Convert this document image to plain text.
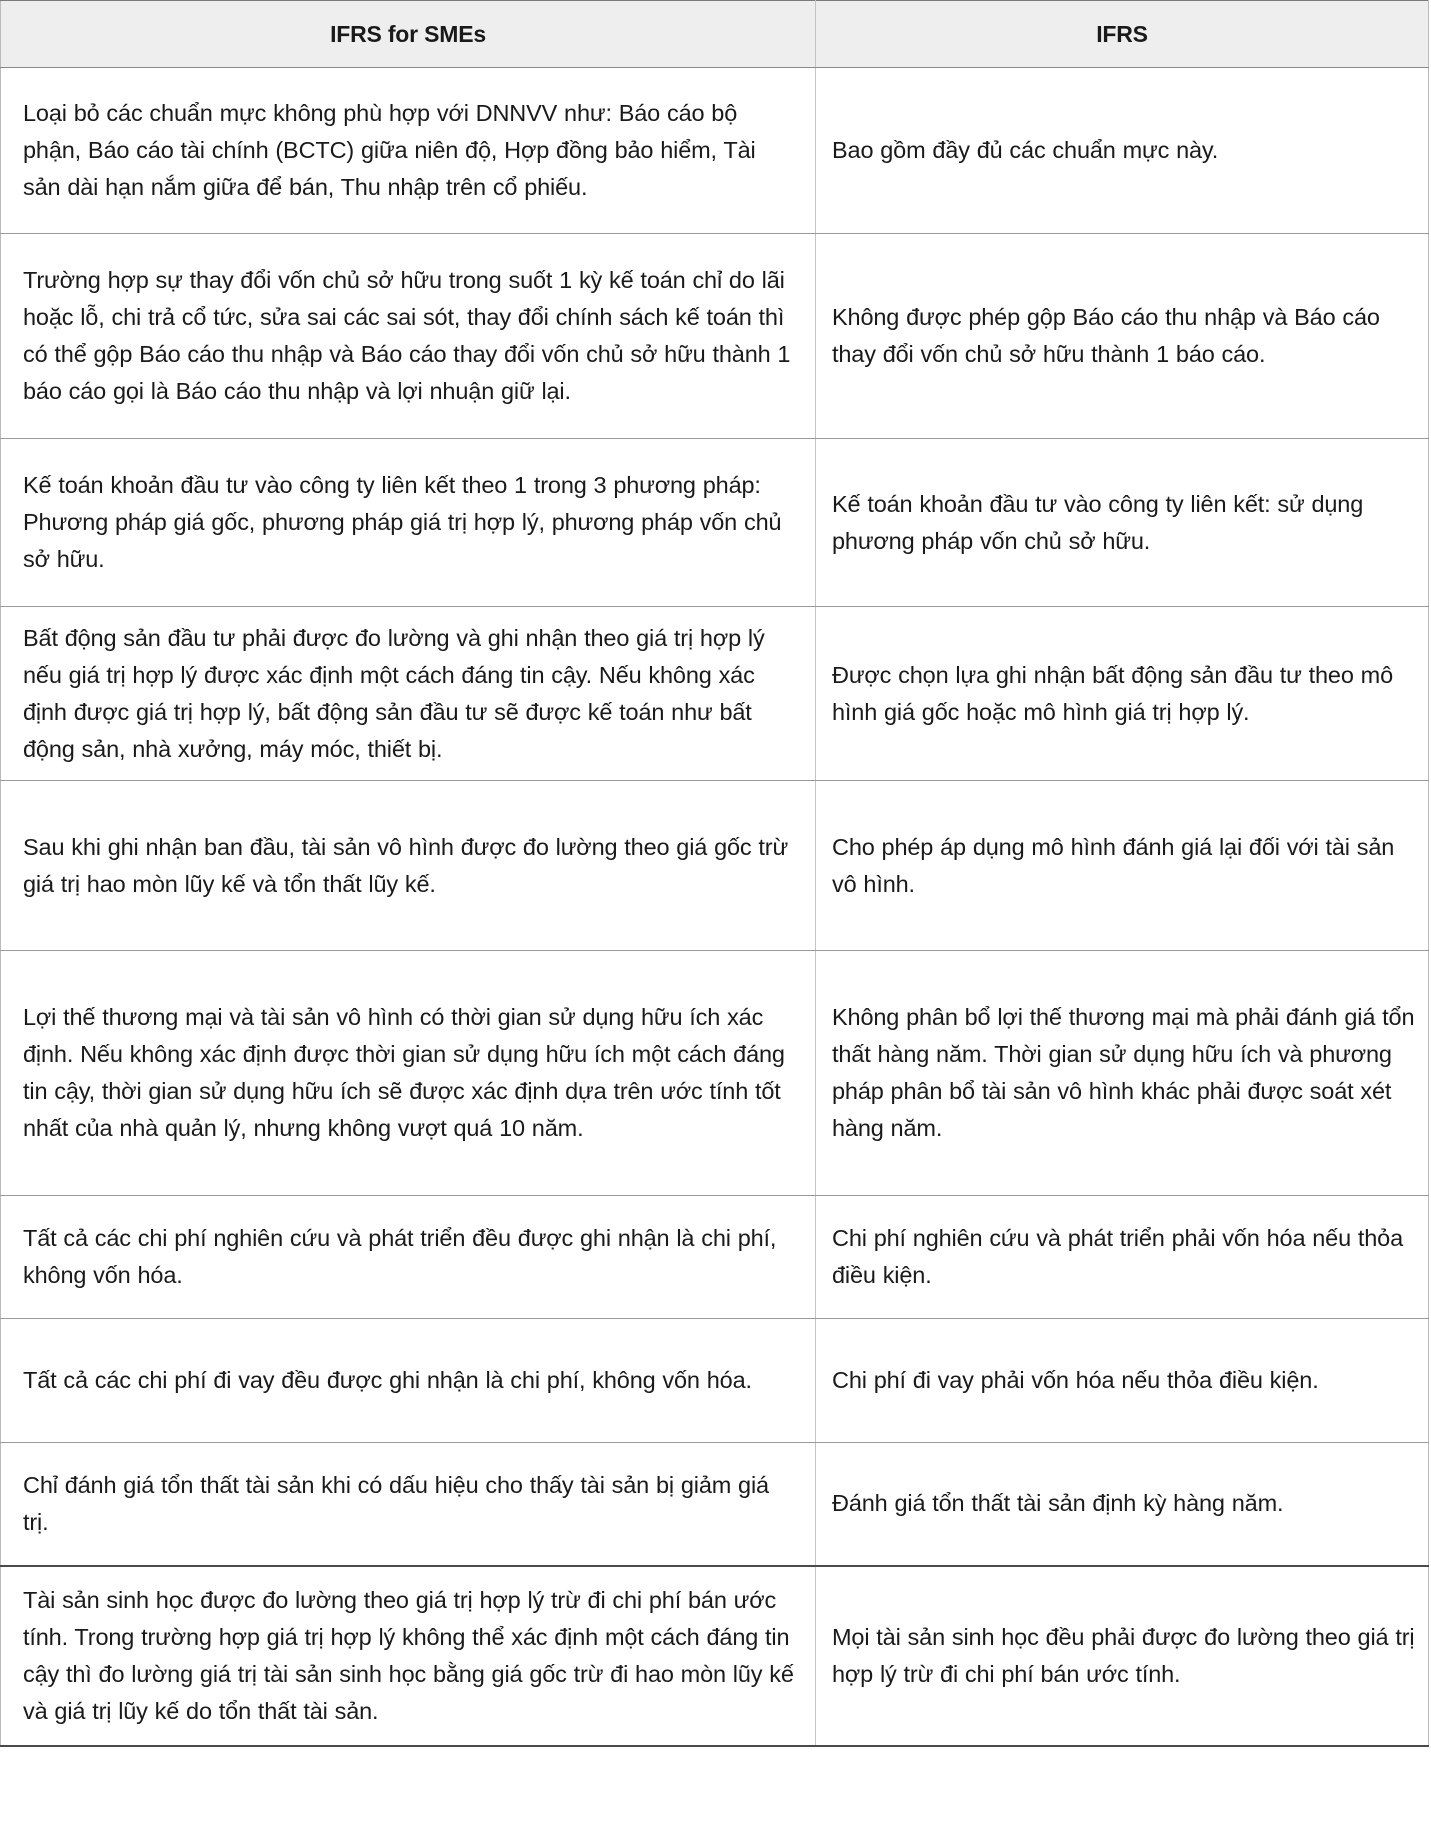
IFRS for SMEs	IFRS
Loại bỏ các chuẩn mực không phù hợp với DNNVV như: Báo cáo bộ phận, Báo cáo tài chính (BCTC) giữa niên độ, Hợp đồng bảo hiểm, Tài sản dài hạn nắm giữa để bán, Thu nhập trên cổ phiếu.	Bao gồm đầy đủ các chuẩn mực này.
Trường hợp sự thay đổi vốn chủ sở hữu trong suốt 1 kỳ kế toán chỉ do lãi hoặc lỗ, chi trả cổ tức, sửa sai các sai sót, thay đổi chính sách kế toán thì có thể gộp Báo cáo thu nhập và Báo cáo thay đổi vốn chủ sở hữu thành 1 báo cáo gọi là Báo cáo thu nhập và lợi nhuận giữ lại.	Không được phép gộp Báo cáo thu nhập và Báo cáo thay đổi vốn chủ sở hữu thành 1 báo cáo.
Kế toán khoản đầu tư vào công ty liên kết theo 1 trong 3 phương pháp: Phương pháp giá gốc, phương pháp giá trị hợp lý, phương pháp vốn chủ sở hữu.	Kế toán khoản đầu tư vào công ty liên kết: sử dụng phương pháp vốn chủ sở hữu.
Bất động sản đầu tư phải được đo lường và ghi nhận theo giá trị hợp lý nếu giá trị hợp lý được xác định một cách đáng tin cậy. Nếu không xác định được giá trị hợp lý, bất động sản đầu tư sẽ được kế toán như bất động sản, nhà xưởng, máy móc, thiết bị.	Được chọn lựa ghi nhận bất động sản đầu tư theo mô hình giá gốc hoặc mô hình giá trị hợp lý.
Sau khi ghi nhận ban đầu, tài sản vô hình được đo lường theo giá gốc trừ giá trị hao mòn lũy kế và tổn thất lũy kế.	Cho phép áp dụng mô hình đánh giá lại đối với tài sản vô hình.
Lợi thế thương mại và tài sản vô hình có thời gian sử dụng hữu ích xác định. Nếu không xác định được thời gian sử dụng hữu ích một cách đáng tin cậy, thời gian sử dụng hữu ích sẽ được xác định dựa trên ước tính tốt nhất của nhà quản lý, nhưng không vượt quá 10 năm.	Không phân bổ lợi thế thương mại mà phải đánh giá tổn thất hàng năm. Thời gian sử dụng hữu ích và phương pháp phân bổ tài sản vô hình khác phải được soát xét hàng năm.
Tất cả các chi phí nghiên cứu và phát triển đều được ghi nhận là chi phí, không vốn hóa.	Chi phí nghiên cứu và phát triển phải vốn hóa nếu thỏa điều kiện.
Tất cả các chi phí đi vay đều được ghi nhận là chi phí, không vốn hóa.	Chi phí đi vay phải vốn hóa nếu thỏa điều kiện.
Chỉ đánh giá tổn thất tài sản khi có dấu hiệu cho thấy tài sản bị giảm giá trị.	Đánh giá tổn thất tài sản định kỳ hàng năm.
Tài sản sinh học được đo lường theo giá trị hợp lý trừ đi chi phí bán ước tính. Trong trường hợp giá trị hợp lý không thể xác định một cách đáng tin cậy thì đo lường giá trị tài sản sinh học bằng giá gốc trừ đi hao mòn lũy kế và giá trị lũy kế do tổn thất tài sản.	Mọi tài sản sinh học đều phải được đo lường theo giá trị hợp lý trừ đi chi phí bán ước tính.
